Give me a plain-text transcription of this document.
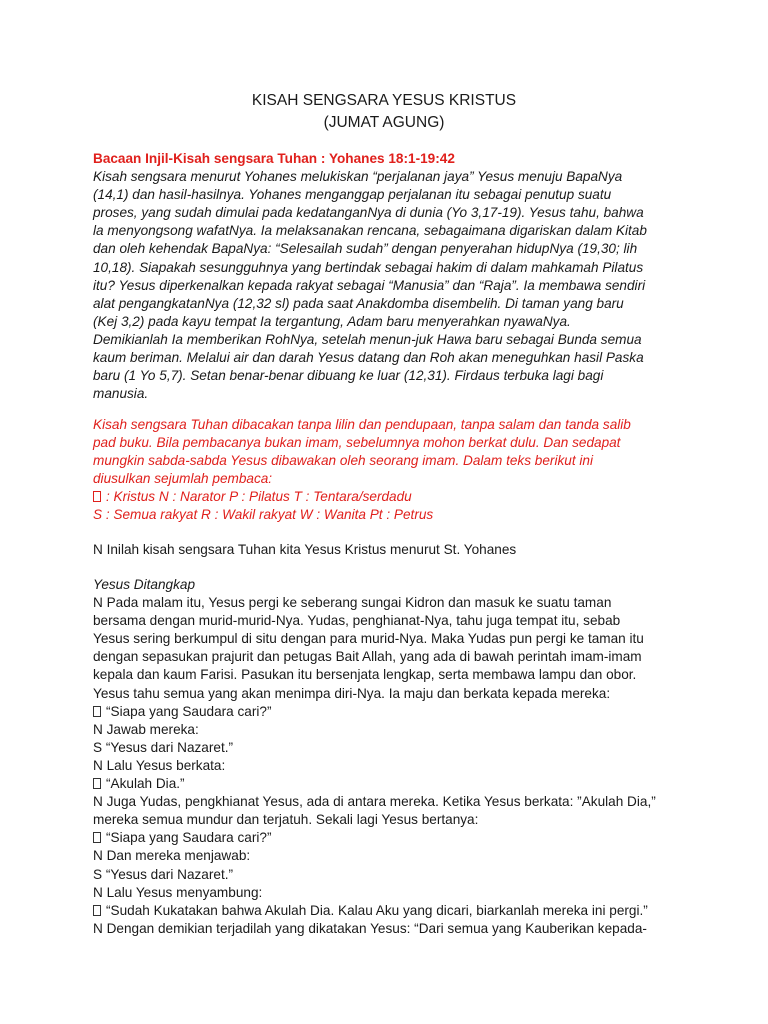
KISAH SENGSARA YESUS KRISTUS
(JUMAT AGUNG)
Bacaan Injil-Kisah sengsara Tuhan : Yohanes 18:1-19:42
Kisah sengsara menurut Yohanes melukiskan “perjalanan jaya” Yesus menuju BapaNya
(14,1) dan hasil-hasilnya. Yohanes menganggap perjalanan itu sebagai penutup suatu
proses, yang sudah dimulai pada kedatanganNya di dunia (Yo 3,17-19). Yesus tahu, bahwa
la menyongsong wafatNya. Ia melaksanakan rencana, sebagaimana digariskan dalam Kitab
dan oleh kehendak BapaNya: “Selesailah sudah” dengan penyerahan hidupNya (19,30; lih
10,18). Siapakah sesungguhnya yang bertindak sebagai hakim di dalam mahkamah Pilatus
itu? Yesus diperkenalkan kepada rakyat sebagai “Manusia” dan “Raja”. Ia membawa sendiri
alat pengangkatanNya (12,32 sl) pada saat Anakdomba disembelih. Di taman yang baru
(Kej 3,2) pada kayu tempat Ia tergantung, Adam baru menyerahkan nyawaNya.
Demikianlah Ia memberikan RohNya, setelah menun-juk Hawa baru sebagai Bunda semua
kaum beriman. Melalui air dan darah Yesus datang dan Roh akan meneguhkan hasil Paska
baru (1 Yo 5,7). Setan benar-benar dibuang ke luar (12,31). Firdaus terbuka lagi bagi
manusia.
Kisah sengsara Tuhan dibacakan tanpa lilin dan pendupaan, tanpa salam dan tanda salib
pad buku. Bila pembacanya bukan imam, sebelumnya mohon berkat dulu. Dan sedapat
mungkin sabda-sabda Yesus dibawakan oleh seorang imam. Dalam teks berikut ini
diusulkan sejumlah pembaca:
: Kristus N : Narator P : Pilatus T : Tentara/serdadu
S : Semua rakyat R : Wakil rakyat W : Wanita Pt : Petrus
N Inilah kisah sengsara Tuhan kita Yesus Kristus menurut St. Yohanes
Yesus Ditangkap
N Pada malam itu, Yesus pergi ke seberang sungai Kidron dan masuk ke suatu taman
bersama dengan murid-murid-Nya. Yudas, penghianat-Nya, tahu juga tempat itu, sebab
Yesus sering berkumpul di situ dengan para murid-Nya. Maka Yudas pun pergi ke taman itu
dengan sepasukan prajurit dan petugas Bait Allah, yang ada di bawah perintah imam-imam
kepala dan kaum Farisi. Pasukan itu bersenjata lengkap, serta membawa lampu dan obor.
Yesus tahu semua yang akan menimpa diri-Nya. Ia maju dan berkata kepada mereka:
“Siapa yang Saudara cari?”
N Jawab mereka:
S “Yesus dari Nazaret.”
N Lalu Yesus berkata:
“Akulah Dia.”
N Juga Yudas, pengkhianat Yesus, ada di antara mereka. Ketika Yesus berkata: ”Akulah Dia,”
mereka semua mundur dan terjatuh. Sekali lagi Yesus bertanya:
“Siapa yang Saudara cari?”
N Dan mereka menjawab:
S “Yesus dari Nazaret.”
N Lalu Yesus menyambung:
“Sudah Kukatakan bahwa Akulah Dia. Kalau Aku yang dicari, biarkanlah mereka ini pergi.”
N Dengan demikian terjadilah yang dikatakan Yesus: “Dari semua yang Kauberikan kepada-
